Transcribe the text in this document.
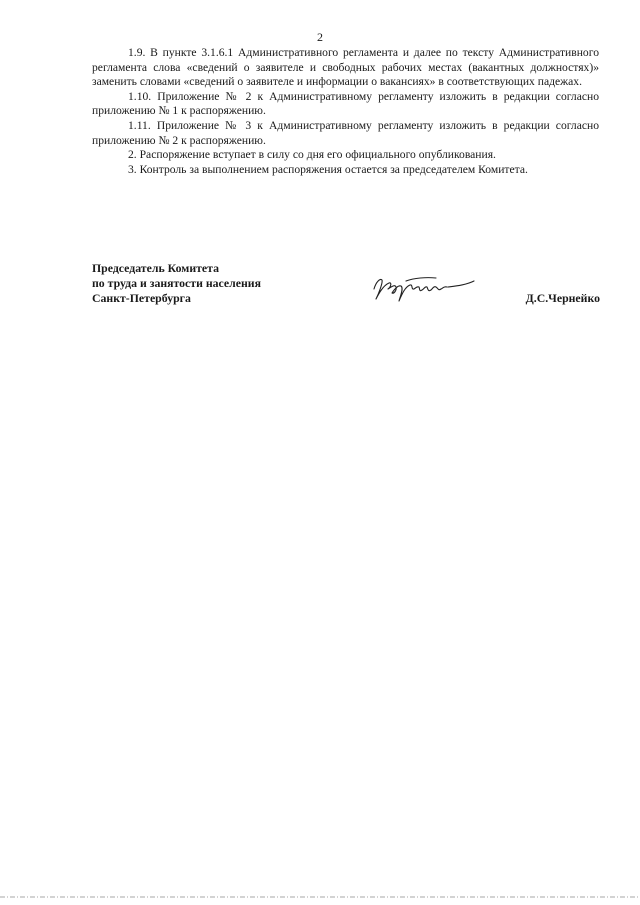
2

1.9. В пункте 3.1.6.1 Административного регламента и далее по тексту Административного регламента слова «сведений о заявителе и свободных рабочих местах (вакантных должностях)» заменить словами «сведений о заявителе и информации о вакансиях» в соответствующих падежах.

1.10. Приложение № 2 к Административному регламенту изложить в редакции согласно приложению № 1 к распоряжению.

1.11. Приложение № 3 к Административному регламенту изложить в редакции согласно приложению № 2 к распоряжению.

2. Распоряжение вступает в силу со дня его официального опубликования.

3. Контроль за выполнением распоряжения остается за председателем Комитета.

Председатель Комитета
по труда и занятости населения
Санкт-Петербурга	Д.С.Чернейко
